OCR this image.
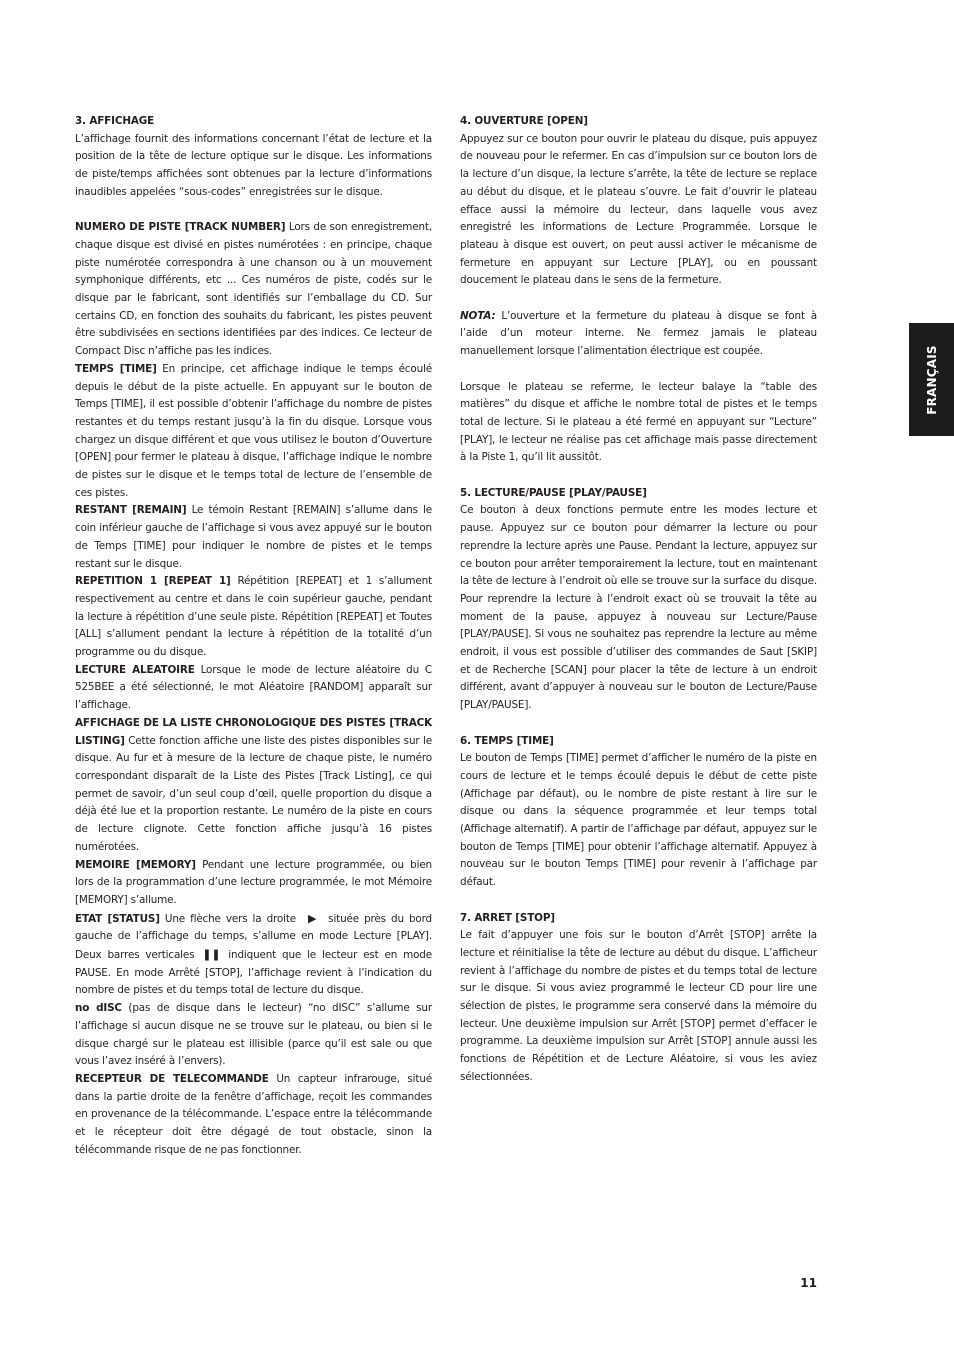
3. AFFICHAGE

L’affichage fournit des informations concernant l’état de lecture et la position de la tête de lecture optique sur le disque. Les informations de piste/temps affichées sont obtenues par la lecture d’informations inaudibles appelées “sous-codes” enregistrées sur le disque.

NUMERO DE PISTE [TRACK NUMBER] Lors de son enregistrement, chaque disque est divisé en pistes numérotées : en principe, chaque piste numérotée correspondra à une chanson ou à un mouvement symphonique différents, etc ... Ces numéros de piste, codés sur le disque par le fabricant, sont identifiés sur l’emballage du CD. Sur certains CD, en fonction des souhaits du fabricant, les pistes peuvent être subdivisées en sections identifiées par des indices. Ce lecteur de Compact Disc n’affiche pas les indices.

TEMPS [TIME] En principe, cet affichage indique le temps écoulé depuis le début de la piste actuelle. En appuyant sur le bouton de Temps [TIME], il est possible d’obtenir l’affichage du nombre de pistes restantes et du temps restant jusqu’à la fin du disque. Lorsque vous chargez un disque différent et que vous utilisez le bouton d’Ouverture [OPEN] pour fermer le plateau à disque, l’affichage indique le nombre de pistes sur le disque et le temps total de lecture de l’ensemble de ces pistes.

RESTANT [REMAIN] Le témoin Restant [REMAIN] s’allume dans le coin inférieur gauche de l’affichage si vous avez appuyé sur le bouton de Temps [TIME] pour indiquer le nombre de pistes et le temps restant sur le disque.

REPETITION 1 [REPEAT 1] Répétition [REPEAT] et 1 s’allument respectivement au centre et dans le coin supérieur gauche, pendant la lecture à répétition d’une seule piste. Répétition [REPEAT] et Toutes [ALL] s’allument pendant la lecture à répétition de la totalité d’un programme ou du disque.

LECTURE ALEATOIRE Lorsque le mode de lecture aléatoire du C 525BEE a été sélectionné, le mot Aléatoire [RANDOM] apparaît sur l’affichage.

AFFICHAGE DE LA LISTE CHRONOLOGIQUE DES PISTES [TRACK LISTING] Cette fonction affiche une liste des pistes disponibles sur le disque. Au fur et à mesure de la lecture de chaque piste, le numéro correspondant disparaît de la Liste des Pistes [Track Listing], ce qui permet de savoir, d’un seul coup d’œil, quelle proportion du disque a déjà été lue et la proportion restante. Le numéro de la piste en cours de lecture clignote. Cette fonction affiche jusqu’à 16 pistes numérotées.

MEMOIRE [MEMORY] Pendant une lecture programmée, ou bien lors de la programmation d’une lecture programmée, le mot Mémoire [MEMORY] s’allume.

ETAT [STATUS] Une flèche vers la droite ▶ située près du bord gauche de l’affichage du temps, s’allume en mode Lecture [PLAY]. Deux barres verticales ❚❚ indiquent que le lecteur est en mode PAUSE. En mode Arrêté [STOP], l’affichage revient à l’indication du nombre de pistes et du temps total de lecture du disque.

no dISC (pas de disque dans le lecteur) “no dISC” s’allume sur l’affichage si aucun disque ne se trouve sur le plateau, ou bien si le disque chargé sur le plateau est illisible (parce qu’il est sale ou que vous l’avez inséré à l’envers).

RECEPTEUR DE TELECOMMANDE Un capteur infrarouge, situé dans la partie droite de la fenêtre d’affichage, reçoit les commandes en provenance de la télécommande. L’espace entre la télécommande et le récepteur doit être dégagé de tout obstacle, sinon la télécommande risque de ne pas fonctionner.

4. OUVERTURE [OPEN]

Appuyez sur ce bouton pour ouvrir le plateau du disque, puis appuyez de nouveau pour le refermer. En cas d’impulsion sur ce bouton lors de la lecture d’un disque, la lecture s’arrête, la tête de lecture se replace au début du disque, et le plateau s’ouvre. Le fait d’ouvrir le plateau efface aussi la mémoire du lecteur, dans laquelle vous avez enregistré les informations de Lecture Programmée. Lorsque le plateau à disque est ouvert, on peut aussi activer le mécanisme de fermeture en appuyant sur Lecture [PLAY], ou en poussant doucement le plateau dans le sens de la fermeture.

NOTA: L’ouverture et la fermeture du plateau à disque se font à l’aide d’un moteur interne. Ne fermez jamais le plateau manuellement lorsque l’alimentation électrique est coupée.

Lorsque le plateau se referme, le lecteur balaye la “table des matières” du disque et affiche le nombre total de pistes et le temps total de lecture. Si le plateau a été fermé en appuyant sur “Lecture” [PLAY], le lecteur ne réalise pas cet affichage mais passe directement à la Piste 1, qu’il lit aussitôt.

5. LECTURE/PAUSE [PLAY/PAUSE]

Ce bouton à deux fonctions permute entre les modes lecture et pause. Appuyez sur ce bouton pour démarrer la lecture ou pour reprendre la lecture après une Pause. Pendant la lecture, appuyez sur ce bouton pour arrêter temporairement la lecture, tout en maintenant la tête de lecture à l’endroit où elle se trouve sur la surface du disque. Pour reprendre la lecture à l’endroit exact où se trouvait la tête au moment de la pause, appuyez à nouveau sur Lecture/Pause [PLAY/PAUSE]. Si vous ne souhaitez pas reprendre la lecture au même endroit, il vous est possible d’utiliser des commandes de Saut [SKIP] et de Recherche [SCAN] pour placer la tête de lecture à un endroit différent, avant d’appuyer à nouveau sur le bouton de Lecture/Pause [PLAY/PAUSE].

6. TEMPS [TIME]

Le bouton de Temps [TIME] permet d’afficher le numéro de la piste en cours de lecture et le temps écoulé depuis le début de cette piste (Affichage par défaut), ou le nombre de piste restant à lire sur le disque ou dans la séquence programmée et leur temps total (Affichage alternatif). A partir de l’affichage par défaut, appuyez sur le bouton de Temps [TIME] pour obtenir l’affichage alternatif. Appuyez à nouveau sur le bouton Temps [TIME] pour revenir à l’affichage par défaut.

7. ARRET [STOP]

Le fait d’appuyer une fois sur le bouton d’Arrêt [STOP] arrête la lecture et réinitialise la tête de lecture au début du disque. L’afficheur revient à l’affichage du nombre de pistes et du temps total de lecture sur le disque. Si vous aviez programmé le lecteur CD pour lire une sélection de pistes, le programme sera conservé dans la mémoire du lecteur. Une deuxième impulsion sur Arrêt [STOP] permet d’effacer le programme. La deuxième impulsion sur Arrêt [STOP] annule aussi les fonctions de Répétition et de Lecture Aléatoire, si vous les aviez sélectionnées.

FRANÇAIS
11
